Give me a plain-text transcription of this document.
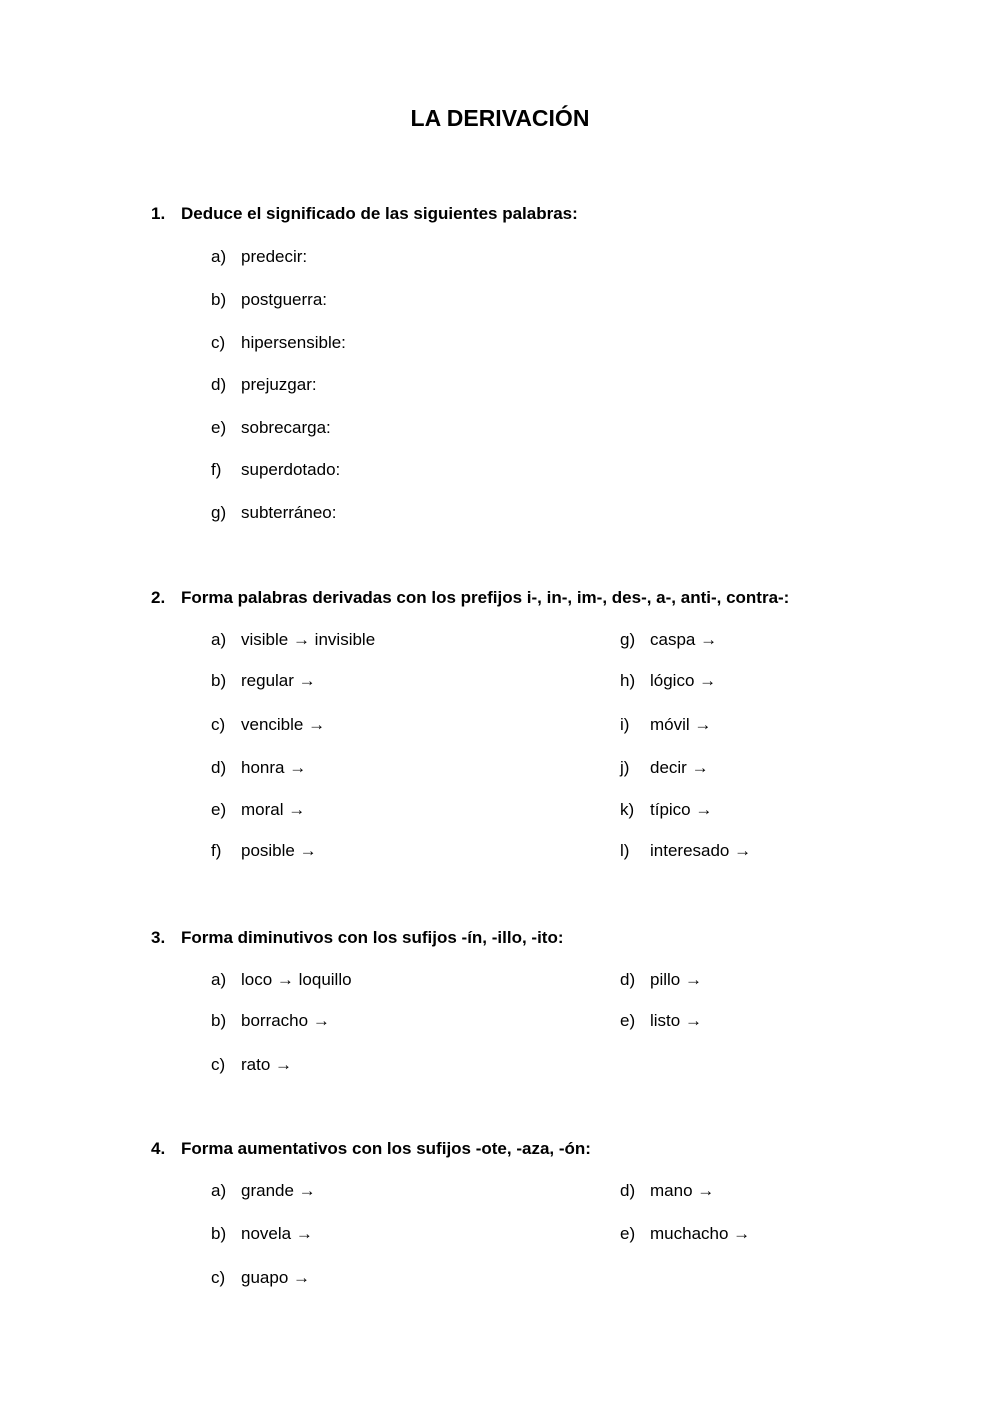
LA DERIVACIÓN
1. Deduce el significado de las siguientes palabras:
a) predecir:
b) postguerra:
c) hipersensible:
d) prejuzgar:
e) sobrecarga:
f) superdotado:
g) subterráneo:
2. Forma palabras derivadas con los prefijos i-, in-, im-, des-, a-, anti-, contra-:
a) visible → invisible
b) regular →
c) vencible →
d) honra →
e) moral →
f) posible →
g) caspa →
h) lógico →
i) móvil →
j) decir →
k) típico →
l) interesado →
3. Forma diminutivos con los sufijos -ín, -illo, -ito:
a) loco → loquillo
b) borracho →
c) rato →
d) pillo →
e) listo →
4. Forma aumentativos con los sufijos -ote, -aza, -ón:
a) grande →
b) novela →
c) guapo →
d) mano →
e) muchacho →
